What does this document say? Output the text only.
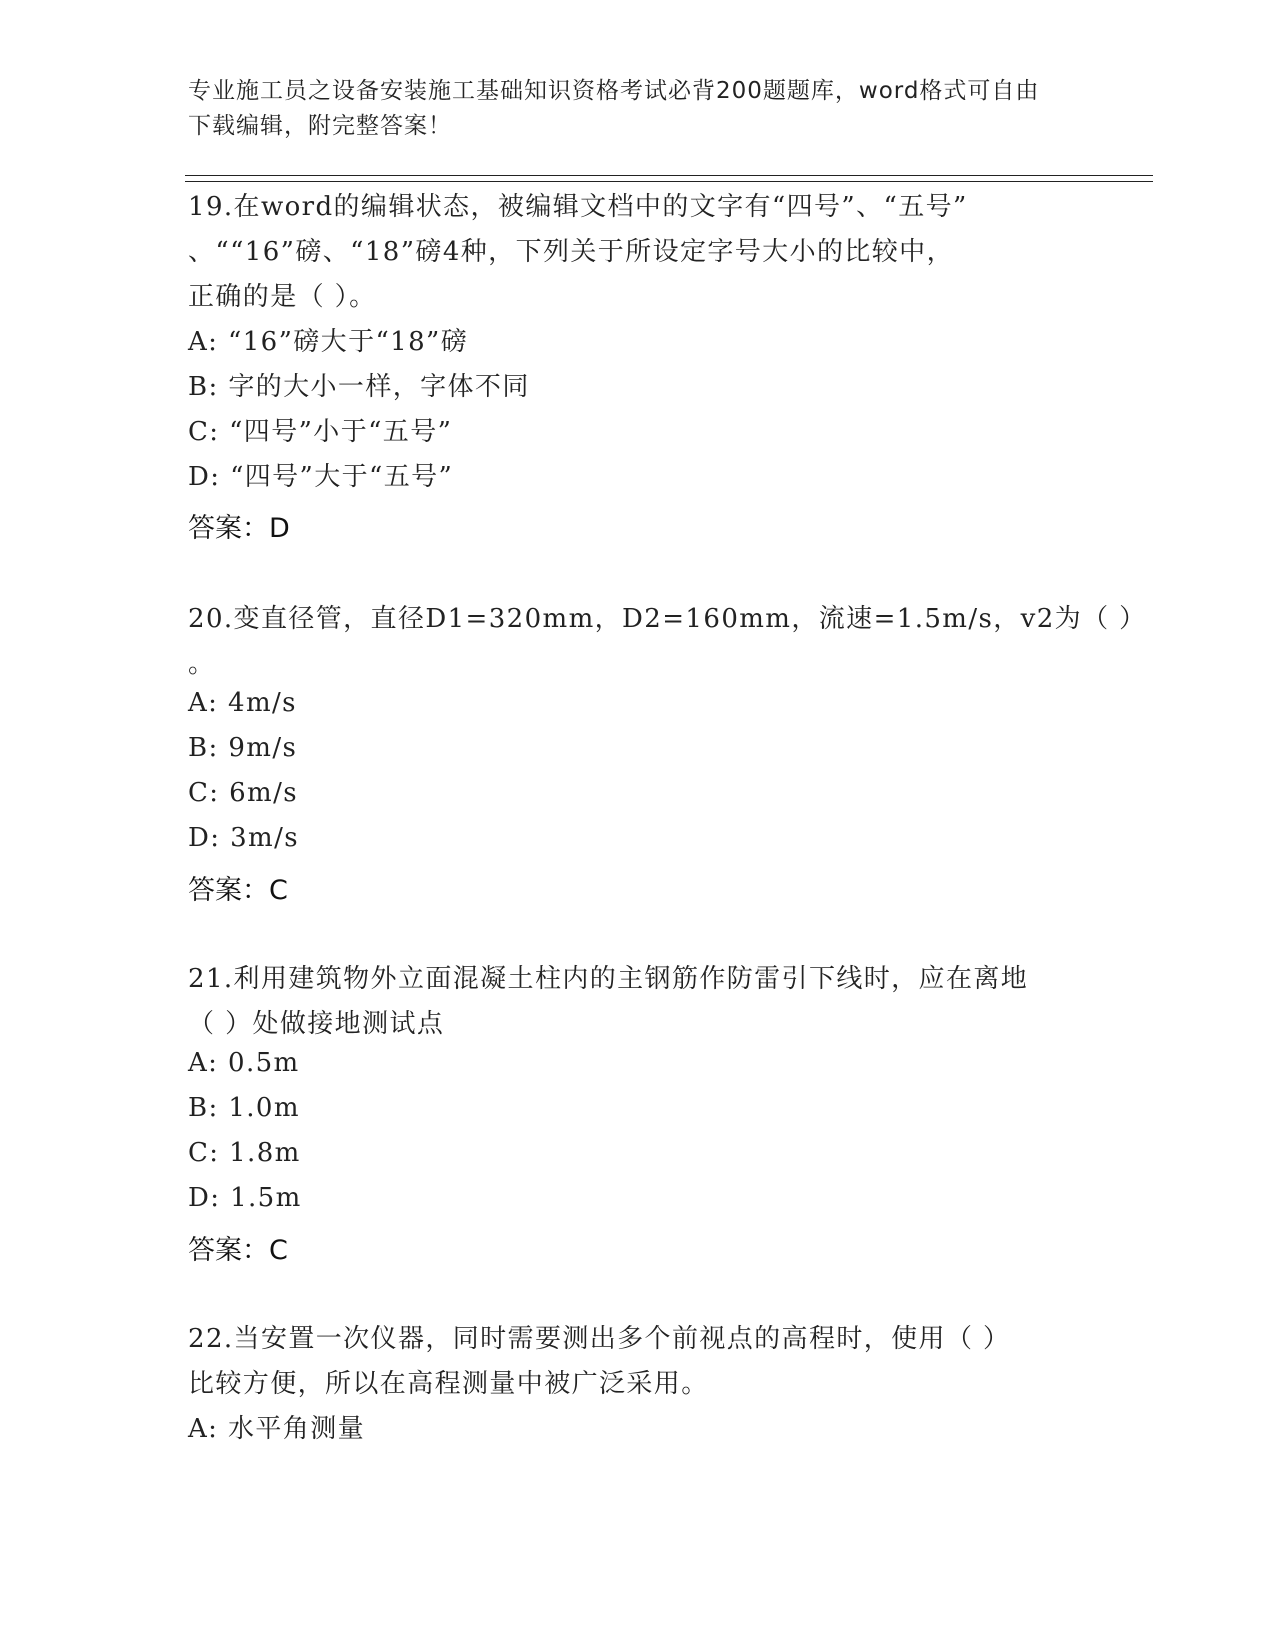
专业施工员之设备安装施工基础知识资格考试必背200题题库，word格式可自由
下载编辑，附完整答案！
19.在word的编辑状态，被编辑文档中的文字有“四号”、“五号”
、““16”磅、“18”磅4种，下列关于所设定字号大小的比较中，
正确的是（ ）。
A: “16”磅大于“18”磅
B: 字的大小一样，字体不同
C: “四号”小于“五号”
D: “四号”大于“五号”
答案：D
20.变直径管，直径D1=320mm，D2=160mm，流速=1.5m/s，v2为（ ）
。
A: 4m/s
B: 9m/s
C: 6m/s
D: 3m/s
答案：C
21.利用建筑物外立面混凝土柱内的主钢筋作防雷引下线时，应在离地
（ ）处做接地测试点
A: 0.5m
B: 1.0m
C: 1.8m
D: 1.5m
答案：C
22.当安置一次仪器，同时需要测出多个前视点的高程时，使用（ ）
比较方便，所以在高程测量中被广泛采用。
A: 水平角测量
